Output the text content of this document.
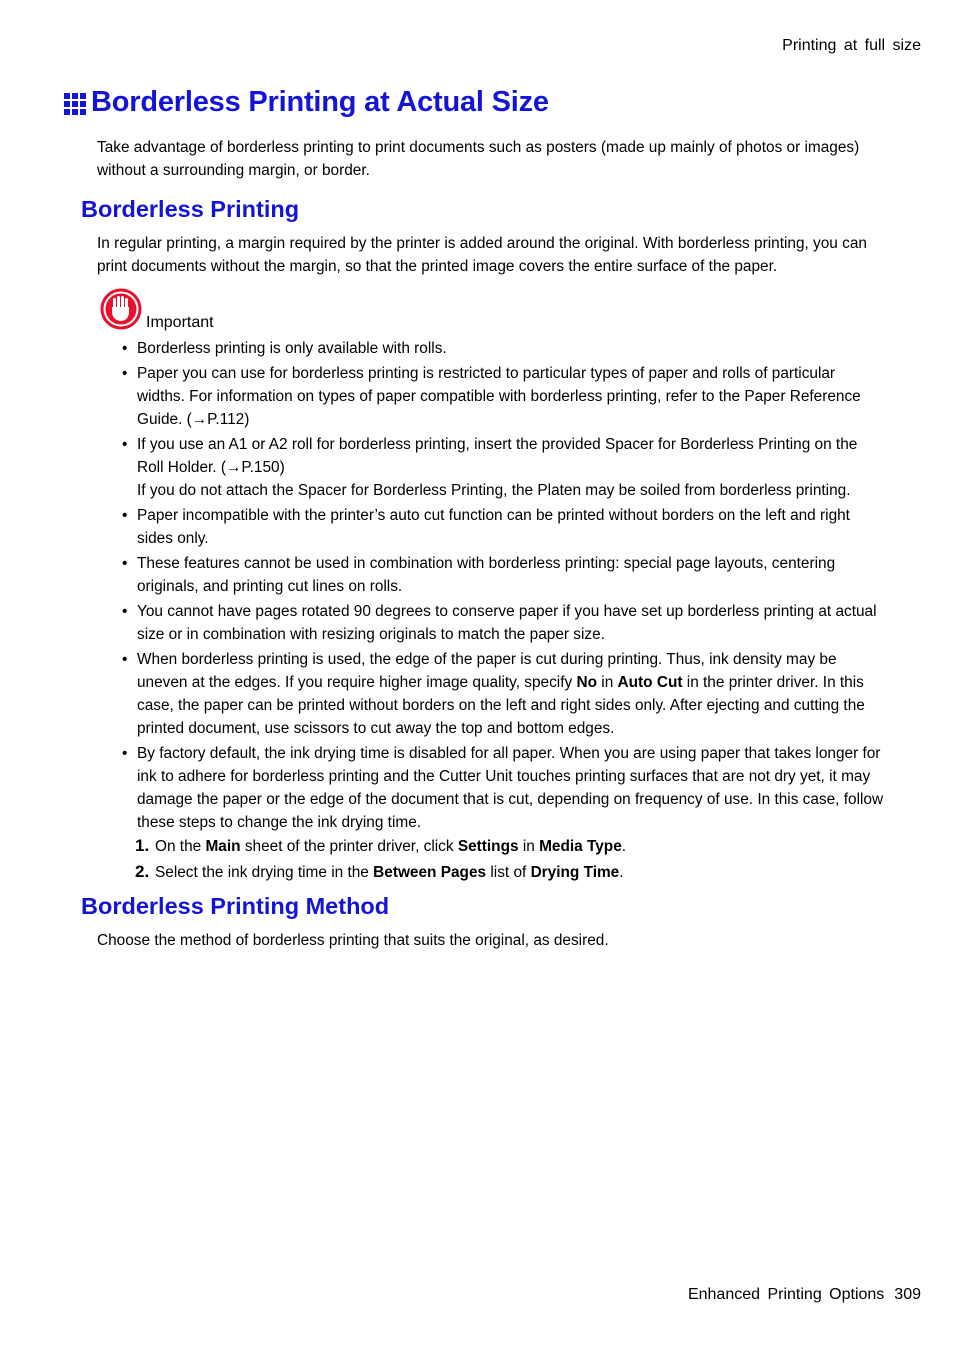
Printing at full size
Borderless Printing at Actual Size

Take advantage of borderless printing to print documents such as posters (made up mainly of photos or images) without a surrounding margin, or border.

Borderless Printing

In regular printing, a margin required by the printer is added around the original. With borderless printing, you can print documents without the margin, so that the printed image covers the entire surface of the paper.

Important
• Borderless printing is only available with rolls.
• Paper you can use for borderless printing is restricted to particular types of paper and rolls of particular widths. For information on types of paper compatible with borderless printing, refer to the Paper Reference Guide. (→P.112)
• If you use an A1 or A2 roll for borderless printing, insert the provided Spacer for Borderless Printing on the Roll Holder. (→P.150)
If you do not attach the Spacer for Borderless Printing, the Platen may be soiled from borderless printing.
• Paper incompatible with the printer’s auto cut function can be printed without borders on the left and right sides only.
• These features cannot be used in combination with borderless printing: special page layouts, centering originals, and printing cut lines on rolls.
• You cannot have pages rotated 90 degrees to conserve paper if you have set up borderless printing at actual size or in combination with resizing originals to match the paper size.
• When borderless printing is used, the edge of the paper is cut during printing. Thus, ink density may be uneven at the edges. If you require higher image quality, specify No in Auto Cut in the printer driver. In this case, the paper can be printed without borders on the left and right sides only. After ejecting and cutting the printed document, use scissors to cut away the top and bottom edges.
• By factory default, the ink drying time is disabled for all paper. When you are using paper that takes longer for ink to adhere for borderless printing and the Cutter Unit touches printing surfaces that are not dry yet, it may damage the paper or the edge of the document that is cut, depending on frequency of use. In this case, follow these steps to change the ink drying time.
1. On the Main sheet of the printer driver, click Settings in Media Type.
2. Select the ink drying time in the Between Pages list of Drying Time.
Borderless Printing Method

Choose the method of borderless printing that suits the original, as desired.

Enhanced Printing Options 309
